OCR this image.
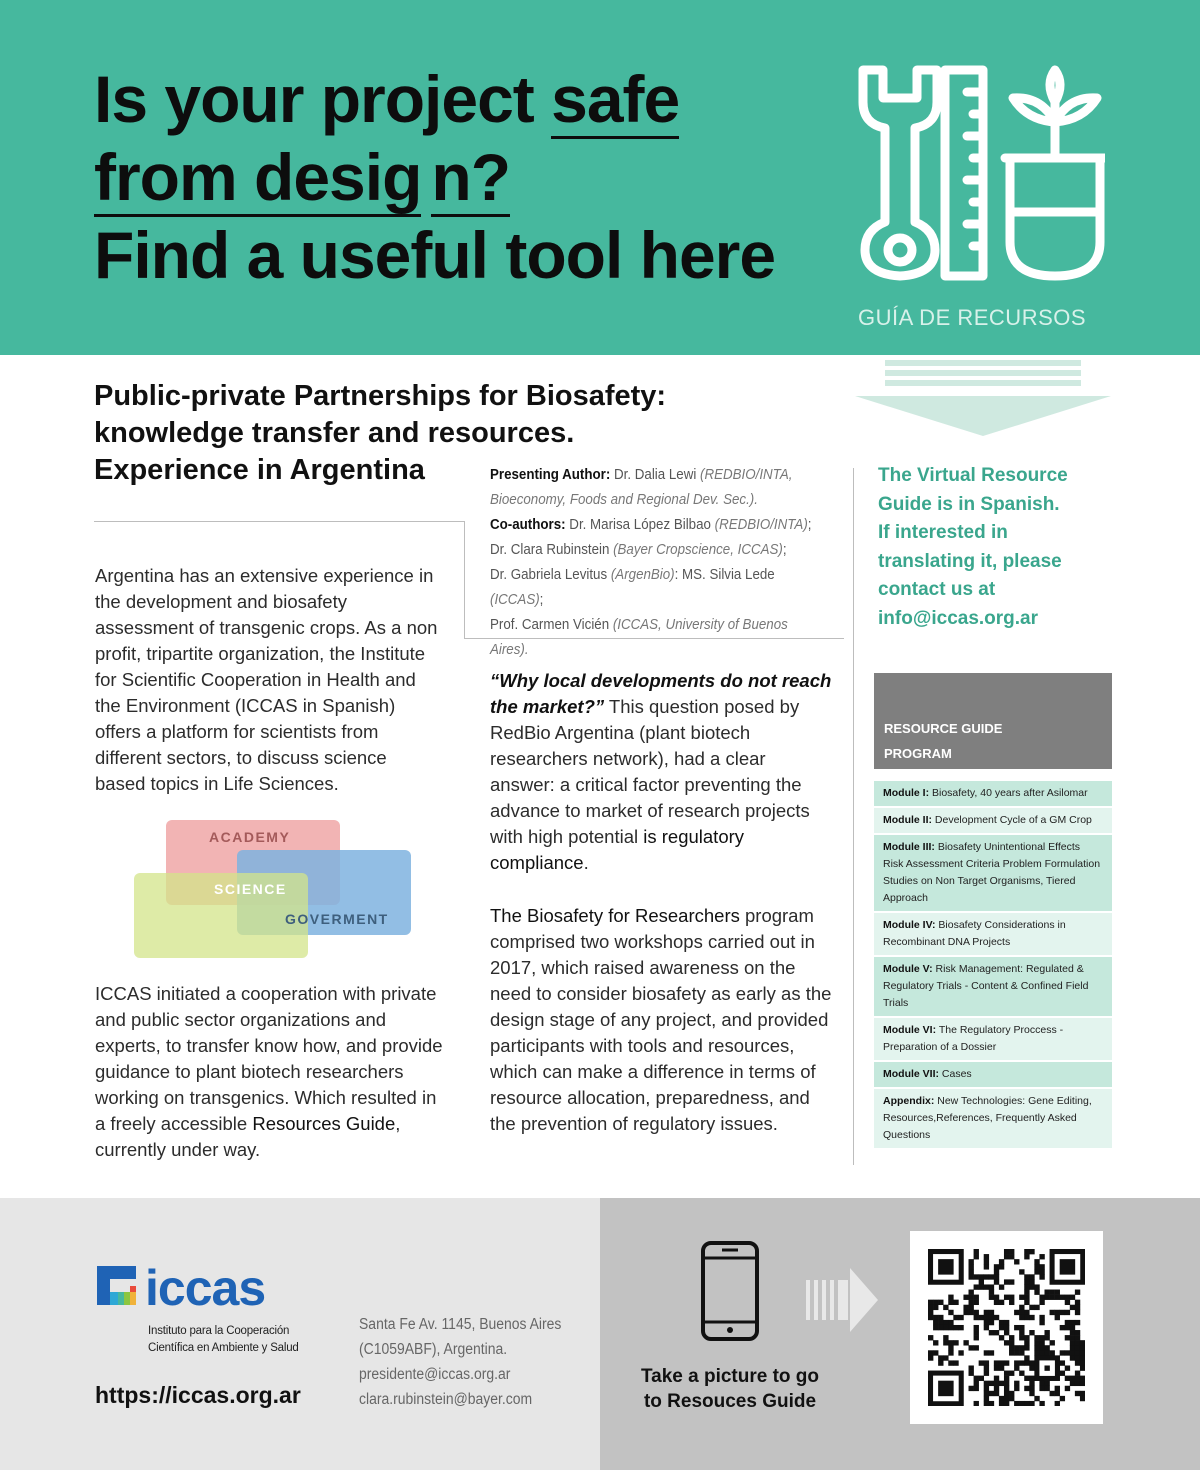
Is your project safe
from desig n?
Find a useful tool here
GUÍA DE RECURSOS
Public-private Partnerships for Biosafety:
knowledge transfer and resources.
Experience in Argentina	Presenting Author: Dr. Dalia Lewi (REDBIO/INTA, Bioeconomy, Foods and Regional Dev. Sec.).
Co-authors: Dr. Marisa López Bilbao (REDBIO/INTA);
Dr. Clara Rubinstein (Bayer Cropscience, ICCAS);
Dr. Gabriela Levitus (ArgenBio): MS. Silvia Lede (ICCAS);
Prof. Carmen Vicién (ICCAS, University of Buenos Aires).
Argentina has an extensive experience in the development and biosafety assessment of transgenic crops. As a non profit, tripartite organization, the Institute for Scientific Cooperation in Health and the Environment (ICCAS in Spanish) offers a platform for scientists from different sectors, to discuss science based topics in Life Sciences.
ACADEMY
SCIENCE
GOVERMENT
ICCAS initiated a cooperation with private and public sector organizations and experts, to transfer know how, and provide guidance to plant biotech researchers working on transgenics. Which resulted in a freely accessible Resources Guide, currently under way.
“Why local developments do not reach the market?” This question posed by RedBio Argentina (plant biotech researchers network), had a clear answer: a critical factor preventing the advance to market of research projects with high potential is regulatory compliance.
The Biosafety for Researchers program comprised two workshops carried out in 2017, which raised awareness on the need to consider biosafety as early as the design stage of any project, and provided participants with tools and resources, which can make a difference in terms of resource allocation, preparedness, and the prevention of regulatory issues.
The Virtual Resource
Guide is in Spanish.
If interested in
translating it, please
contact us at
info@iccas.org.ar
RESOURCE GUIDE
PROGRAM
Module I: Biosafety, 40 years after Asilomar
Module II: Development Cycle of a GM Crop
Module III: Biosafety Unintentional Effects Risk Assessment Criteria Problem Formulation Studies on Non Target Organisms, Tiered Approach
Module IV: Biosafety Considerations in Recombinant DNA Projects
Module V: Risk Management: Regulated & Regulatory Trials - Content & Confined Field Trials
Module VI: The Regulatory Proccess - Preparation of a Dossier
Module VII: Cases
Appendix: New Technologies: Gene Editing, Resources,References, Frequently Asked Questions
iccas
Instituto para la Cooperación
Científica en Ambiente y Salud
https://iccas.org.ar
Santa Fe Av. 1145, Buenos Aires
(C1059ABF), Argentina.
presidente@iccas.org.ar
clara.rubinstein@bayer.com
Take a picture to go
to Resouces Guide
